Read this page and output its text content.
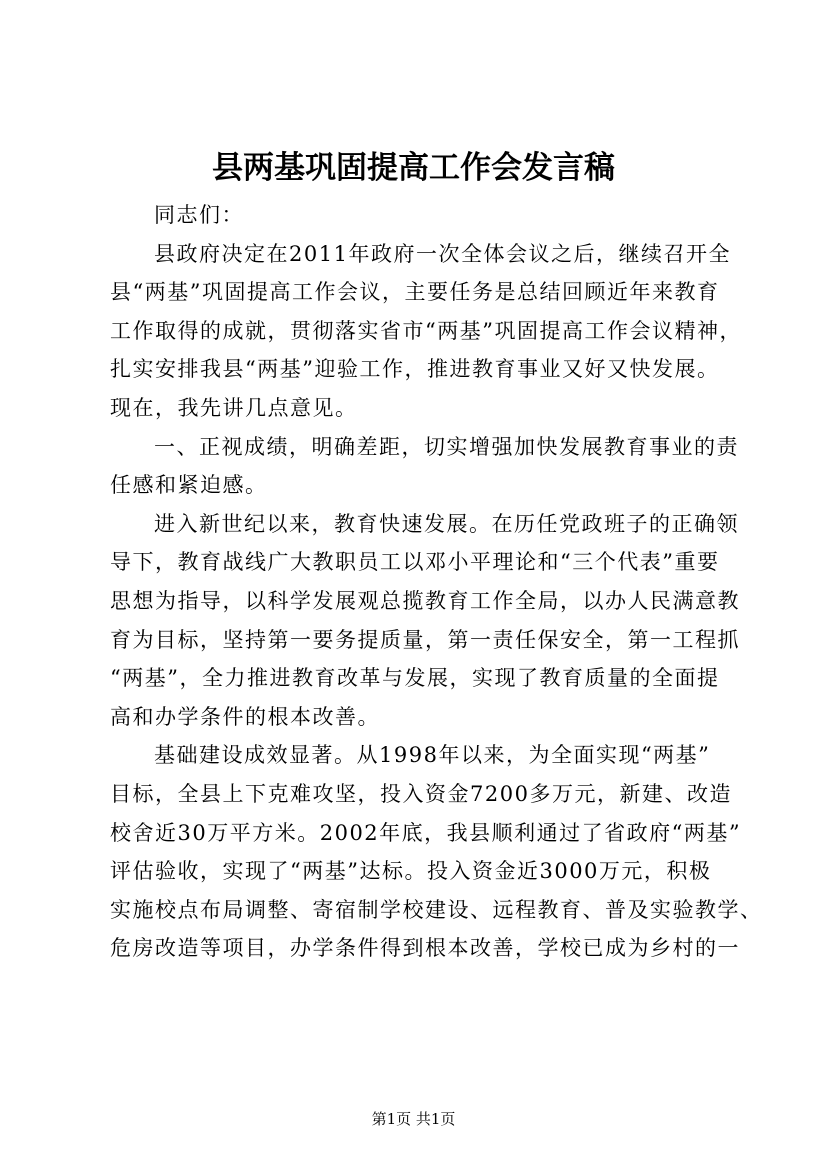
县两基巩固提高工作会发言稿
同志们：
县政府决定在2011年政府一次全体会议之后，继续召开全
县“两基”巩固提高工作会议，主要任务是总结回顾近年来教育
工作取得的成就，贯彻落实省市“两基”巩固提高工作会议精神，
扎实安排我县“两基”迎验工作，推进教育事业又好又快发展。
现在，我先讲几点意见。
一、正视成绩，明确差距，切实增强加快发展教育事业的责
任感和紧迫感。
进入新世纪以来，教育快速发展。在历任党政班子的正确领
导下，教育战线广大教职员工以邓小平理论和“三个代表”重要
思想为指导，以科学发展观总揽教育工作全局，以办人民满意教
育为目标，坚持第一要务提质量，第一责任保安全，第一工程抓
“两基”，全力推进教育改革与发展，实现了教育质量的全面提
高和办学条件的根本改善。
基础建设成效显著。从1998年以来，为全面实现“两基”
目标，全县上下克难攻坚，投入资金7200多万元，新建、改造
校舍近30万平方米。2002年底，我县顺利通过了省政府“两基”
评估验收，实现了“两基”达标。投入资金近3000万元，积极
实施校点布局调整、寄宿制学校建设、远程教育、普及实验教学、
危房改造等项目，办学条件得到根本改善，学校已成为乡村的一
第1页 共1页
